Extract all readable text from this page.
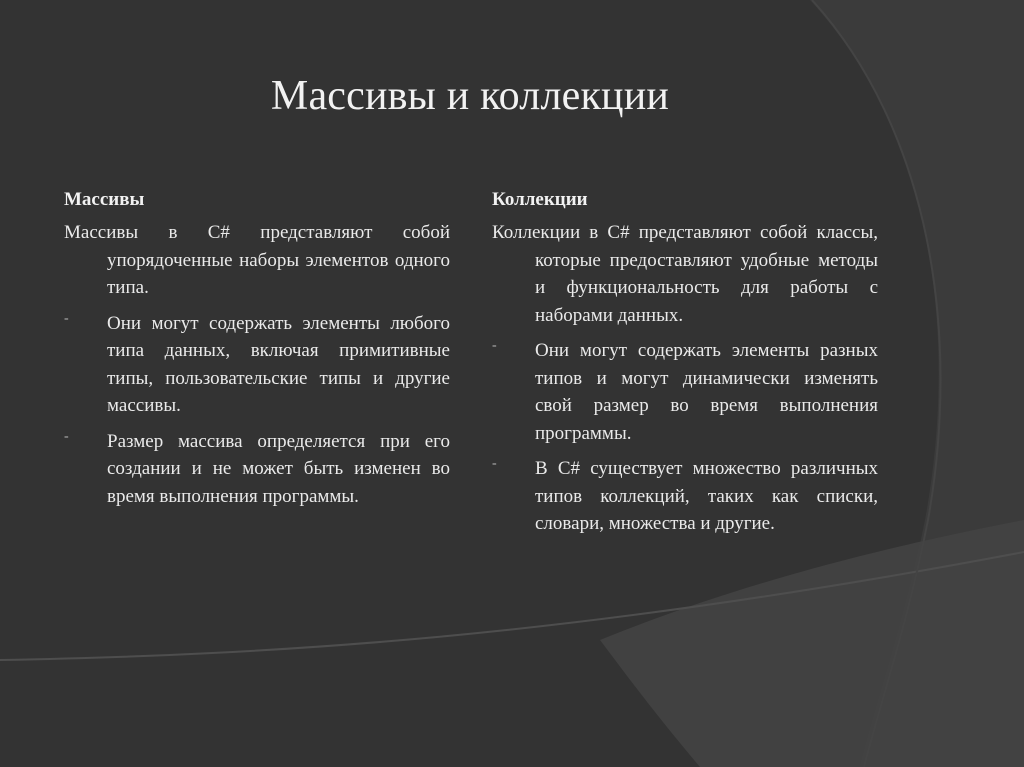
Массивы и коллекции
Массивы

Массивы в C# представляют собой упорядоченные наборы элементов одного типа.

- Они могут содержать элементы любого типа данных, включая примитивные типы, пользовательские типы и другие массивы.
- Размер массива определяется при его создании и не может быть изменен во время выполнения программы.
Коллекции

Коллекции в C# представляют собой классы, которые предоставляют удобные методы и функциональность для работы с наборами данных.

- Они могут содержать элементы разных типов и могут динамически изменять свой размер во время выполнения программы.
- В C# существует множество различных типов коллекций, таких как списки, словари, множества и другие.
